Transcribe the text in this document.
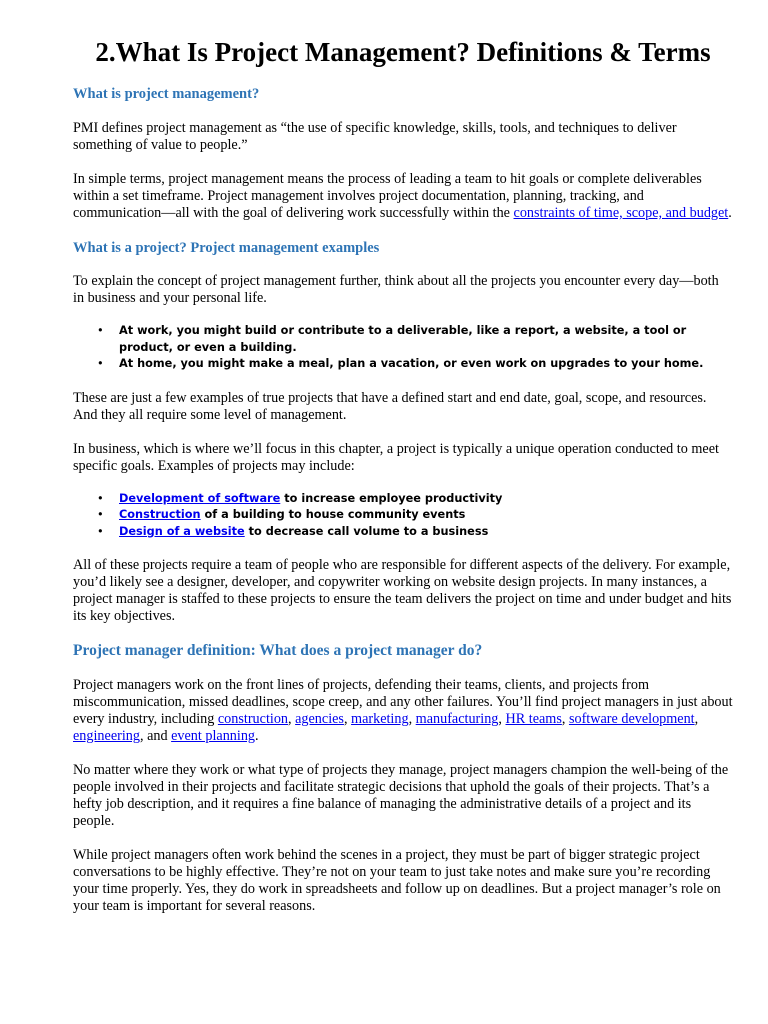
2.What Is Project Management? Definitions & Terms
What is project management?

PMI defines project management as “the use of specific knowledge, skills, tools, and techniques to deliver something of value to people.”

In simple terms, project management means the process of leading a team to hit goals or complete deliverables within a set timeframe. Project management involves project documentation, planning, tracking, and communication—all with the goal of delivering work successfully within the constraints of time, scope, and budget.

What is a project? Project management examples

To explain the concept of project management further, think about all the projects you encounter every day—both in business and your personal life.

• At work, you might build or contribute to a deliverable, like a report, a website, a tool or product, or even a building.
• At home, you might make a meal, plan a vacation, or even work on upgrades to your home.

These are just a few examples of true projects that have a defined start and end date, goal, scope, and resources. And they all require some level of management.

In business, which is where we’ll focus in this chapter, a project is typically a unique operation conducted to meet specific goals. Examples of projects may include:

• Development of software to increase employee productivity
• Construction of a building to house community events
• Design of a website to decrease call volume to a business

All of these projects require a team of people who are responsible for different aspects of the delivery. For example, you’d likely see a designer, developer, and copywriter working on website design projects. In many instances, a project manager is staffed to these projects to ensure the team delivers the project on time and under budget and hits its key objectives.

Project manager definition: What does a project manager do?

Project managers work on the front lines of projects, defending their teams, clients, and projects from miscommunication, missed deadlines, scope creep, and any other failures. You’ll find project managers in just about every industry, including construction, agencies, marketing, manufacturing, HR teams, software development, engineering, and event planning.

No matter where they work or what type of projects they manage, project managers champion the well-being of the people involved in their projects and facilitate strategic decisions that uphold the goals of their projects. That’s a hefty job description, and it requires a fine balance of managing the administrative details of a project and its people.

While project managers often work behind the scenes in a project, they must be part of bigger strategic project conversations to be highly effective. They’re not on your team to just take notes and make sure you’re recording your time properly. Yes, they do work in spreadsheets and follow up on deadlines. But a project manager’s role on your team is important for several reasons.
